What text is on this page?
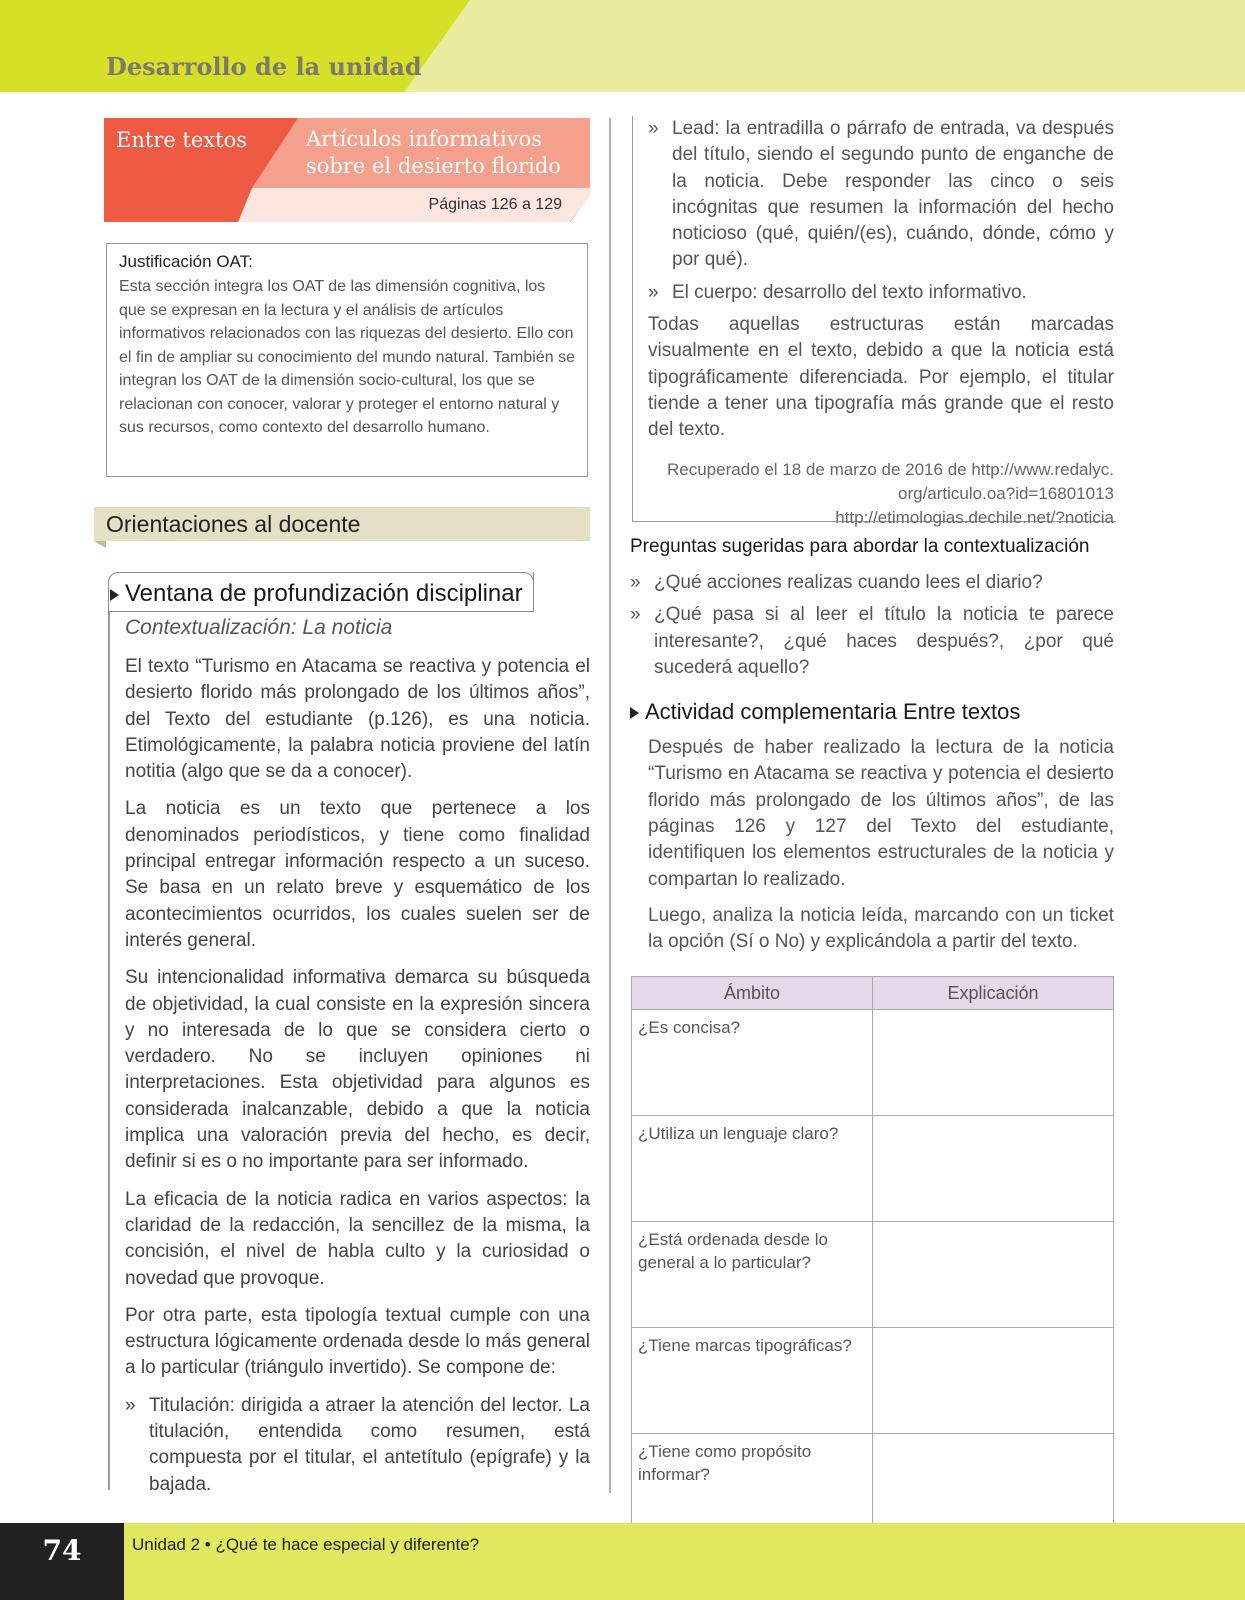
Desarrollo de la unidad
Entre textos	Artículos informativos
sobre el desierto florido
Páginas 126 a 129
Justificación OAT:
Esta sección integra los OAT de las dimensión cognitiva, los que se expresan en la lectura y el análisis de artículos informativos relacionados con las riquezas del desierto. Ello con el fin de ampliar su conocimiento del mundo natural. También se integran los OAT de la dimensión socio-cultural, los que se relacionan con conocer, valorar y proteger el entorno natural y sus recursos, como contexto del desarrollo humano.
Orientaciones al docente
Ventana de profundización disciplinar

Contextualización: La noticia

El texto “Turismo en Atacama se reactiva y potencia el desierto florido más prolongado de los últimos años”, del Texto del estudiante (p.126), es una noticia. Etimológicamente, la palabra noticia proviene del latín notitia (algo que se da a conocer).

La noticia es un texto que pertenece a los denominados periodísticos, y tiene como finalidad principal entregar información respecto a un suceso. Se basa en un relato breve y esquemático de los acontecimientos ocurridos, los cuales suelen ser de interés general.

Su intencionalidad informativa demarca su búsqueda de objetividad, la cual consiste en la expresión sincera y no interesada de lo que se considera cierto o verdadero. No se incluyen opiniones ni interpretaciones. Esta objetividad para algunos es considerada inalcanzable, debido a que la noticia implica una valoración previa del hecho, es decir, definir si es o no importante para ser informado.

La eficacia de la noticia radica en varios aspectos: la claridad de la redacción, la sencillez de la misma, la concisión, el nivel de habla culto y la curiosidad o novedad que provoque.

Por otra parte, esta tipología textual cumple con una estructura lógicamente ordenada desde lo más general a lo particular (triángulo invertido). Se compone de:

» Titulación: dirigida a atraer la atención del lector. La titulación, entendida como resumen, está compuesta por el titular, el antetítulo (epígrafe) y la bajada.
» Lead: la entradilla o párrafo de entrada, va después del título, siendo el segundo punto de enganche de la noticia. Debe responder las cinco o seis incógnitas que resumen la información del hecho noticioso (qué, quién/(es), cuándo, dónde, cómo y por qué).
» El cuerpo: desarrollo del texto informativo.

Todas aquellas estructuras están marcadas visualmente en el texto, debido a que la noticia está tipográficamente diferenciada. Por ejemplo, el titular tiende a tener una tipografía más grande que el resto del texto.

Recuperado el 18 de marzo de 2016 de http://www.redalyc.

org/articulo.oa?id=16801013

http://etimologias.dechile.net/?noticia

Preguntas sugeridas para abordar la contextualización

» ¿Qué acciones realizas cuando lees el diario?
» ¿Qué pasa si al leer el título la noticia te parece interesante?, ¿qué haces después?, ¿por qué sucederá aquello?

Actividad complementaria Entre textos

Después de haber realizado la lectura de la noticia “Turismo en Atacama se reactiva y potencia el desierto florido más prolongado de los últimos años”, de las páginas 126 y 127 del Texto del estudiante, identifiquen los elementos estructurales de la noticia y compartan lo realizado.

Luego, analiza la noticia leída, marcando con un ticket la opción (Sí o No) y explicándola a partir del texto.

Ámbito	Explicación
¿Es concisa?	
¿Utiliza un lenguaje claro?	
¿Está ordenada desde lo general a lo particular?	
¿Tiene marcas tipográficas?	
¿Tiene como propósito informar?	
74	Unidad 2 • ¿Qué te hace especial y diferente?
